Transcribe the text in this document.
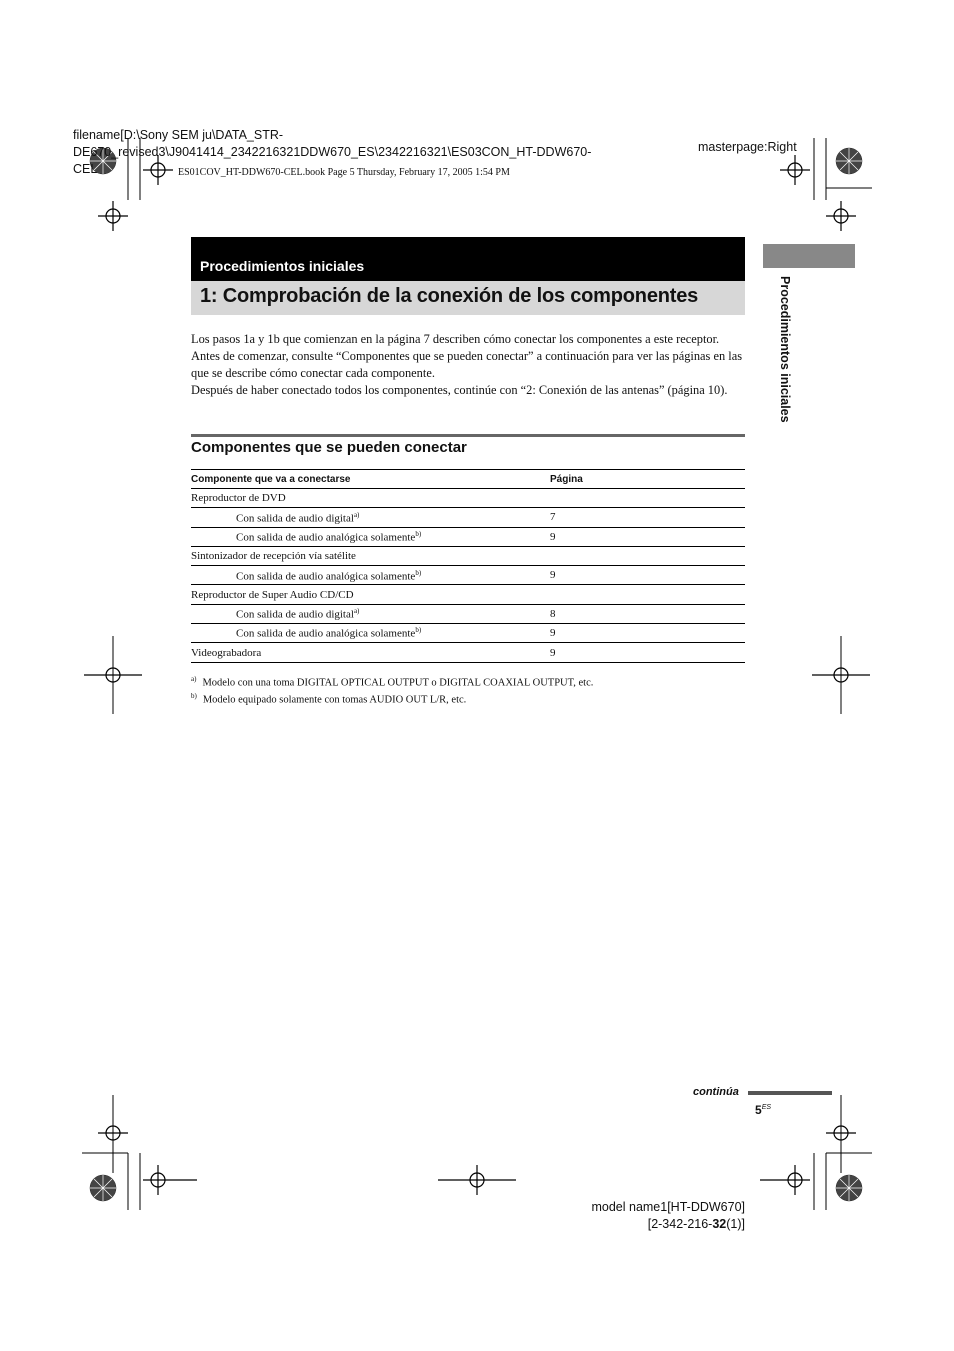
filename[D:\Sony SEM ju\DATA_STR-
DE670_revised3\J9041414_2342216321DDW670_ES\2342216321\ES03CON_HT-DDW670-
CEL
masterpage:Right
ES01COV_HT-DDW670-CEL.book Page 5 Thursday, February 17, 2005 1:54 PM
Procedimientos iniciales
Procedimientos iniciales
1: Comprobación de la conexión de los componentes

Los pasos 1a y 1b que comienzan en la página 7 describen cómo conectar los componentes a este receptor. Antes de comenzar, consulte “Componentes que se pueden conectar” a continuación para ver las páginas en las que se describe cómo conectar cada componente.

Después de haber conectado todos los componentes, continúe con “2: Conexión de las antenas” (página 10).

Componentes que se pueden conectar
Componente que va a conectarse	Página
Reproductor de DVD	
Con salida de audio digital$^{a)}$	7
Con salida de audio analógica solamente$^{b)}$	9
Sintonizador de recepción vía satélite	
Con salida de audio analógica solamente$^{b)}$	9
Reproductor de Super Audio CD/CD	
Con salida de audio digital$^{a)}$	8
Con salida de audio analógica solamente$^{b)}$	9
Videograbadora	9
$^{a)}$ Modelo con una toma DIGITAL OPTICAL OUTPUT o DIGITAL COAXIAL OUTPUT, etc.
$^{b)}$ Modelo equipado solamente con tomas AUDIO OUT L/R, etc.
continúa
$5^{ES}$
model name1[HT-DDW670]
[2-342-216-32(1)]
